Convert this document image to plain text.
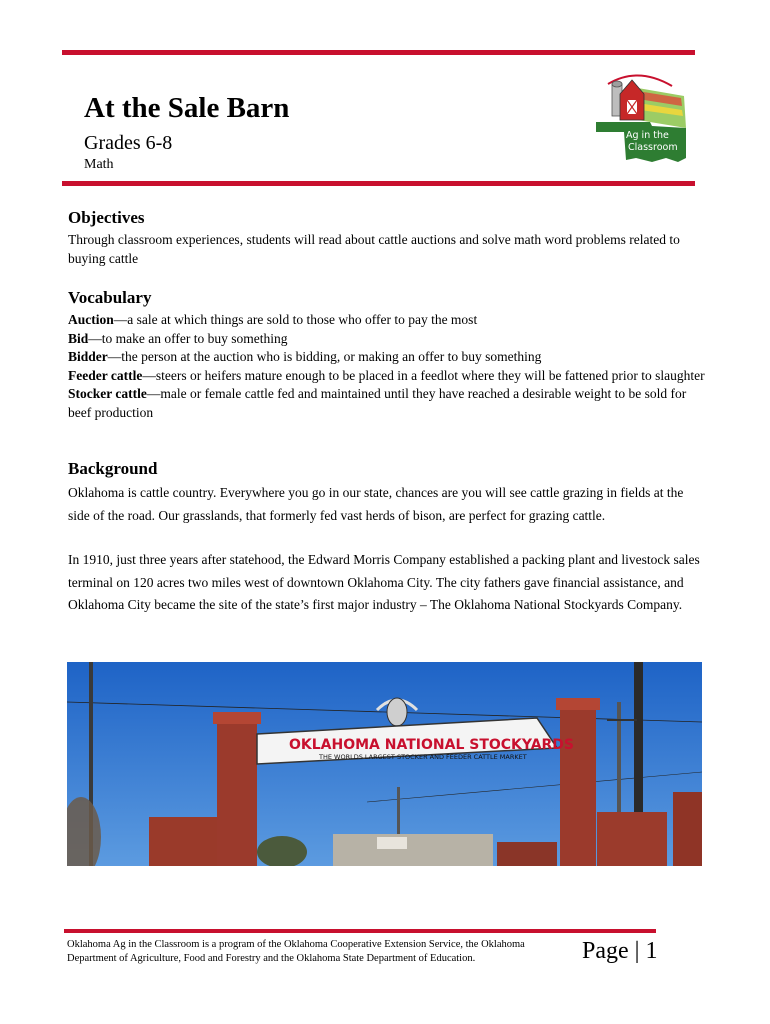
At the Sale Barn
Grades 6-8
Math
Ag in the
Classroom
Objectives

Through classroom experiences, students will read about cattle auctions and solve math word problems related to buying cattle

Vocabulary

Auction—a sale at which things are sold to those who offer to pay the most

Bid—to make an offer to buy something

Bidder—the person at the auction who is bidding, or making an offer to buy something

Feeder cattle—steers or heifers mature enough to be placed in a feedlot where they will be fattened prior to slaughter

Stocker cattle—male or female cattle fed and maintained until they have reached a desirable weight to be sold for beef production

Background

Oklahoma is cattle country. Everywhere you go in our state, chances are you will see cattle grazing in fields at the side of the road. Our grasslands, that formerly fed vast herds of bison, are perfect for grazing cattle.

In 1910, just three years after statehood, the Edward Morris Company established a packing plant and livestock sales terminal on 120 acres two miles west of downtown Oklahoma City. The city fathers gave financial assistance, and Oklahoma City became the site of the state’s first major industry – The Oklahoma National Stockyards Company.

OKLAHOMA NATIONAL STOCKYARDS
THE WORLDS LARGEST STOCKER AND FEEDER CATTLE MARKET
Oklahoma Ag in the Classroom is a program of the Oklahoma Cooperative Extension Service, the Oklahoma Department of Agriculture, Food and Forestry and the Oklahoma State Department of Education.	Page | 1
